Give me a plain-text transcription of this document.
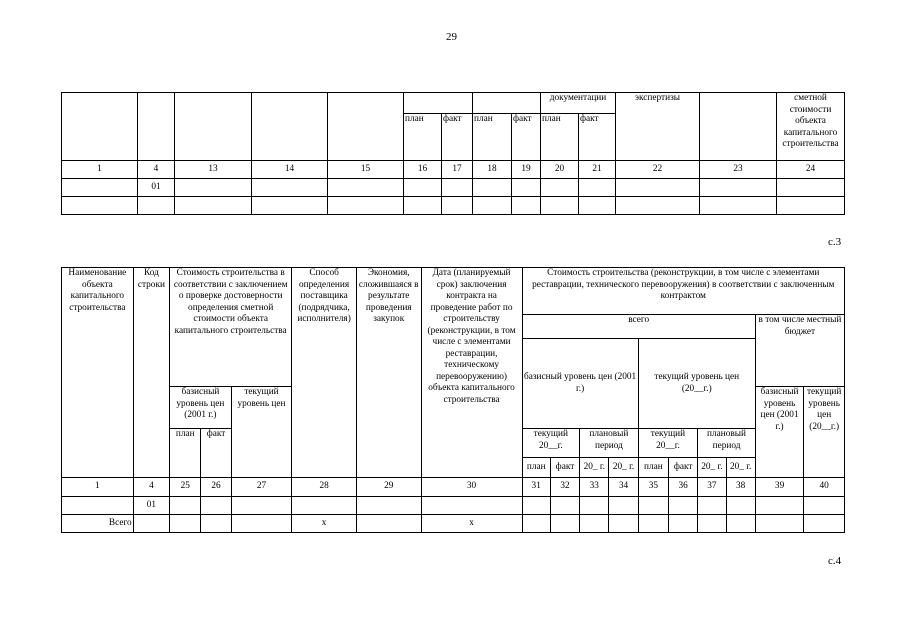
29
									документации		экспертизы		сметной стоимости объекта капитального строительства
					план	факт	план	факт	план	факт			
1	4	13	14	15	16	17	18	19	20	21	22	23	24
	01												

с.3
Наименование объекта капитального строительства	Код строки	Стоимость строительства в соответствии с заключением о проверке достоверности определения сметной стоимости объекта капитального строительства			Способ определения поставщика (подрядчика, исполнителя)	Экономия, сложившаяся в результате проведения закупок	Дата (планируемый срок) заключения контракта на проведение работ по строительству (реконструкции, в том числе с элементами реставрации, техническому перевооружению) объекта капитального строительства	Стоимость строительства (реконструкции, в том числе с элементами реставрации, технического перевооружения) в соответствии с заключенным контрактом									
								всего								в том числе местный бюджет	
								базисный уровень цен (2001 г.)				текущий уровень цен (20__г.)					
		базисный уровень цен (2001 г.)		текущий уровень цен												базисный уровень цен (2001 г.)	текущий уровень цен (20__г.)
		план	факт					текущий 20__г.		плановый период		текущий 20__г.		плановый период			
								план	факт	20_ г.	20_ г.	план	факт	20_ г.	20_ г.		
1	4	25	26	27	28	29	30	31	32	33	34	35	36	37	38	39	40
	01																
Всего					x		x										
с.4
